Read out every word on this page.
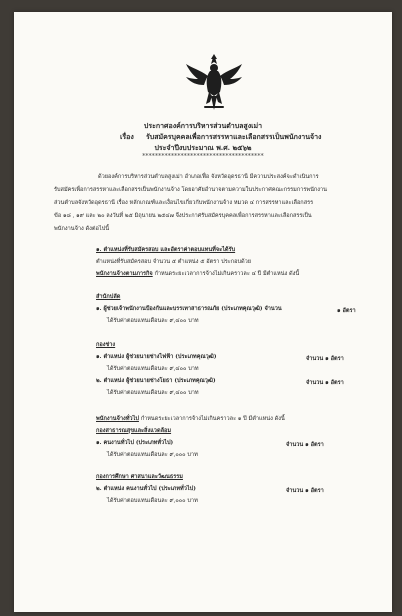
ประกาศองค์การบริหารส่วนตำบลสูงเม่า
เรื่อง รับสมัครบุคคลเพื่อการสรรหาและเลือกสรรเป็นพนักงานจ้าง
ประจำปีงบประมาณ พ.ศ. ๒๕๖๒
**************************************
ด้วยองค์การบริหารส่วนตำบลสูงเม่า อำเภอเฟื่อ จังหวัดอุดรธานี มีความประสงค์จะดำเนินการ
รับสมัครเพื่อการสรรหาและเลือกสรรเป็นพนักงานจ้าง โดยอาศัยอำนาจตามความในประกาศคณะกรรมการพนักงาน
ส่วนตำบลจังหวัดอุดรธานี เรื่อง หลักเกณฑ์และเงื่อนไขเกี่ยวกับพนักงานจ้าง หมวด ๔ การสรรหาและเลือกสรร
ข้อ ๑๘ , ๑๙ และ ๒๐ ลงวันที่ ๒๕ มิถุนายน ๒๕๔๗ จึงประกาศรับสมัครบุคคลเพื่อการสรรหาและเลือกสรรเป็น
พนักงานจ้าง ดังต่อไปนี้
๑. ตำแหน่งที่รับสมัครสอบ และอัตราค่าตอบแทนที่จะได้รับ
ตำแหน่งที่รับสมัครสอบ จำนวน ๕ ตำแหน่ง ๕ อัตรา ประกอบด้วย
พนักงานจ้างตามภารกิจ กำหนดระยะเวลาการจ้างไม่เกินคราวละ ๔ ปี มีตำแหน่ง ดังนี้
สำนักปลัด
๑. ผู้ช่วยเจ้าพนักงานป้องกันและบรรเทาสาธารณภัย (ประเภทคุณวุฒิ) จำนวน	๑ อัตรา
ได้รับค่าตอบแทนเดือนละ ๙,๔๐๐ บาท
กองช่าง
๑. ตำแหน่ง ผู้ช่วยนายช่างไฟฟ้า (ประเภทคุณวุฒิ)	จำนวน ๑ อัตรา
ได้รับค่าตอบแทนเดือนละ ๙,๔๐๐ บาท
๒. ตำแหน่ง ผู้ช่วยนายช่างโยธา (ประเภทคุณวุฒิ)	จำนวน ๑ อัตรา
ได้รับค่าตอบแทนเดือนละ ๙,๔๐๐ บาท
พนักงานจ้างทั่วไป กำหนดระยะเวลาการจ้างไม่เกินคราวละ ๑ ปี มีตำแหน่ง ดังนี้
กองสาธารณสุขและสิ่งแวดล้อม
๑. คนงานทั่วไป (ประเภททั่วไป)	จำนวน ๑ อัตรา
ได้รับค่าตอบแทนเดือนละ ๙,๐๐๐ บาท
กองการศึกษา ศาสนาและวัฒนธรรม
๒. ตำแหน่ง คนงานทั่วไป (ประเภททั่วไป)	จำนวน ๑ อัตรา
ได้รับค่าตอบแทนเดือนละ ๙,๐๐๐ บาท
